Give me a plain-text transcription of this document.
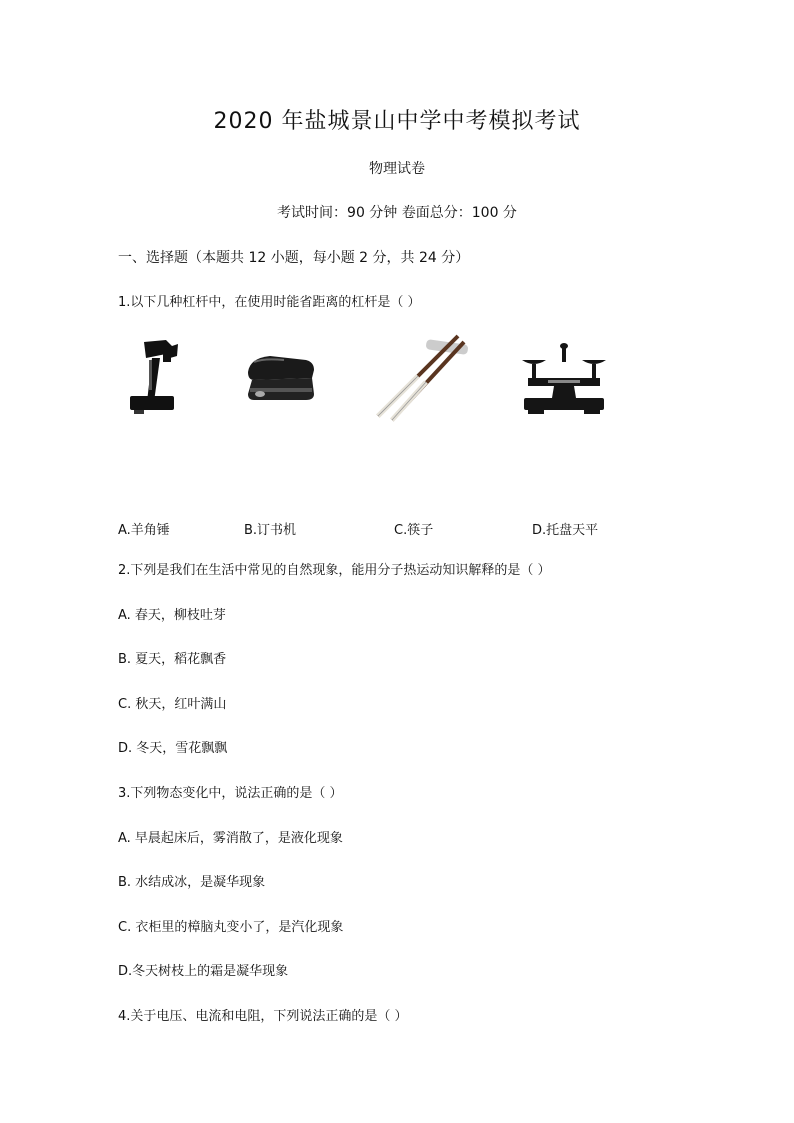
2020 年盐城景山中学中考模拟考试
物理试卷
考试时间：90 分钟 卷面总分：100 分
一、选择题（本题共 12 小题，每小题 2 分，共 24 分）
1.以下几种杠杆中，在使用时能省距离的杠杆是（ ）
A.羊角锤	B.订书机	C.筷子	D.托盘天平
2.下列是我们在生活中常见的自然现象，能用分子热运动知识解释的是（ ）
A. 春天，柳枝吐芽
B. 夏天，稻花飘香
C. 秋天，红叶满山
D. 冬天，雪花飘飘
3.下列物态变化中，说法正确的是（ ）
A. 早晨起床后，雾消散了，是液化现象
B. 水结成冰，是凝华现象
C. 衣柜里的樟脑丸变小了，是汽化现象
D.冬天树枝上的霜是凝华现象
4.关于电压、电流和电阻，下列说法正确的是（ ）
